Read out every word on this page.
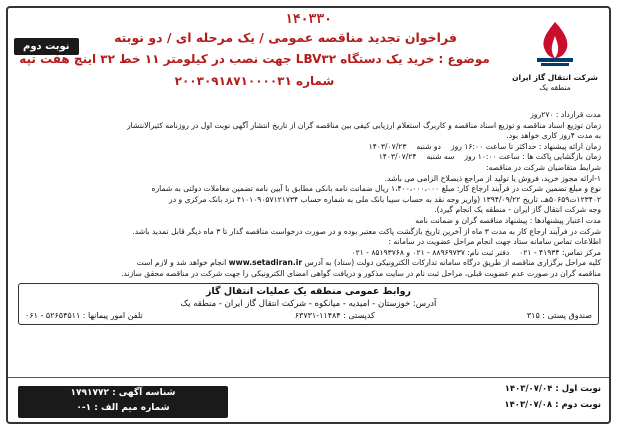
شرکت انتقال گاز ایران
منطقه یک
۱۴۰۳۳۰
نوبت دوم
فراخوان تجدید مناقصه عمومی / یک مرحله ای / دو نوبته
موضوع : خرید یک دستگاه LBV۳۲ جهت نصب در کیلومتر ۱۱ خط ۳۲ اینچ هفت تپه
شماره ۲۰۰۳۰۹۱۸۷۱۰۰۰۰۳۱
مدت قرارداد : ۲۷۰روز
زمان توزیع اسناد مناقصه و توزیع اسناد مناقصه و کاربرگ استعلام ارزیابی کیفی بین مناقصه گران از تاریخ انتشار آگهی نوبت اول در روزنامه کثیرالانتشار
به مدت ۴روز کاری خواهد بود.
زمان ارائه پیشنهاد : حداکثر تا ساعت ۱۶:۰۰ روز
دو شنبه
۱۴۰۳/۰۷/۲۳
زمان بازگشایی پاکت ها : ساعت ۱۰:۰۰ روز
سه شنبه
۱۴۰۳/۰۷/۲۴
شرایط متقاضیان شرکت در مناقصه:
۱-ارائه مجوز خرید، فروش یا تولید از مراجع ذیصلاح الزامی می باشد.
نوع و مبلغ تضمین شرکت در فرآیند ارجاع کار: مبلغ ۱،۴۰۰،۰۰۰،۰۰۰ ریال ضمانت نامه بانکی مطابق با آیین نامه تضمین معاملات دولتی به شماره
۱۲۳۴۰۲ت۵۰۶۵۹هـ، تاریخ ۱۳۹۴/۰۹/۲۲ (واریز وجه نقد به حساب سیبا بانک ملی به شماره حساب ۴۱۰۱۰۹۰۵۷۱۲۱۷۳۴ نزد بانک مرکزی و در
وجه شرکت انتقال گاز ایران - منطقه یک انجام گیرد).
مدت اعتبار پیشنهادها : پیشنهاد مناقصه گران و ضمانت نامه
شرکت در فرآیند ارجاع کار به مدت ۳ ماه از آخرین تاریخ بازگشت پاکت معتبر بوده و در صورت درخواست مناقصه گذار تا ۳ ماه دیگر قابل تمدید باشد.
اطلاعات تماس سامانه ستاد جهت انجام مراحل عضویت در سامانه :
مرکز تماس: ۴۱۹۳۴ - ۰۲۱
دفتر ثبت نام: ۸۸۹۶۹۷۳۷ - ۰۲۱ و ۸۵۱۹۳۷۶۸ - ۰۲۱
کلیه مراحل برگزاری مناقصه از طریق درگاه سامانه تدارکات الکترونیکی دولت (ستاد) به آدرس www.setadiran.ir انجام خواهد شد و لازم است
مناقصه گران در صورت عدم عضویت قبلی، مراحل ثبت نام در سایت مذکور و دریافت گواهی امضای الکترونیکی را جهت شرکت در مناقصه محقق سازند.
روابط عمومی منطقه یک عملیات انتقال گاز
آدرس: خوزستان - امیدیه - میانکوه - شرکت انتقال گاز ایران - منطقه یک
صندوق پستی : ۳۱۵
کدپستی : ۱۱۴۸۴-۶۳۷۳۱
تلفن امور پیمانها : ۵۲۶۵۴۵۱۱ - ۰۶۱
نوبت اول : ۱۴۰۳/۰۷/۰۴
نوبت دوم : ۱۴۰۳/۰۷/۰۸
شناسه آگهی : ۱۷۹۱۷۷۲
شماره میم الف : ۱-۰
